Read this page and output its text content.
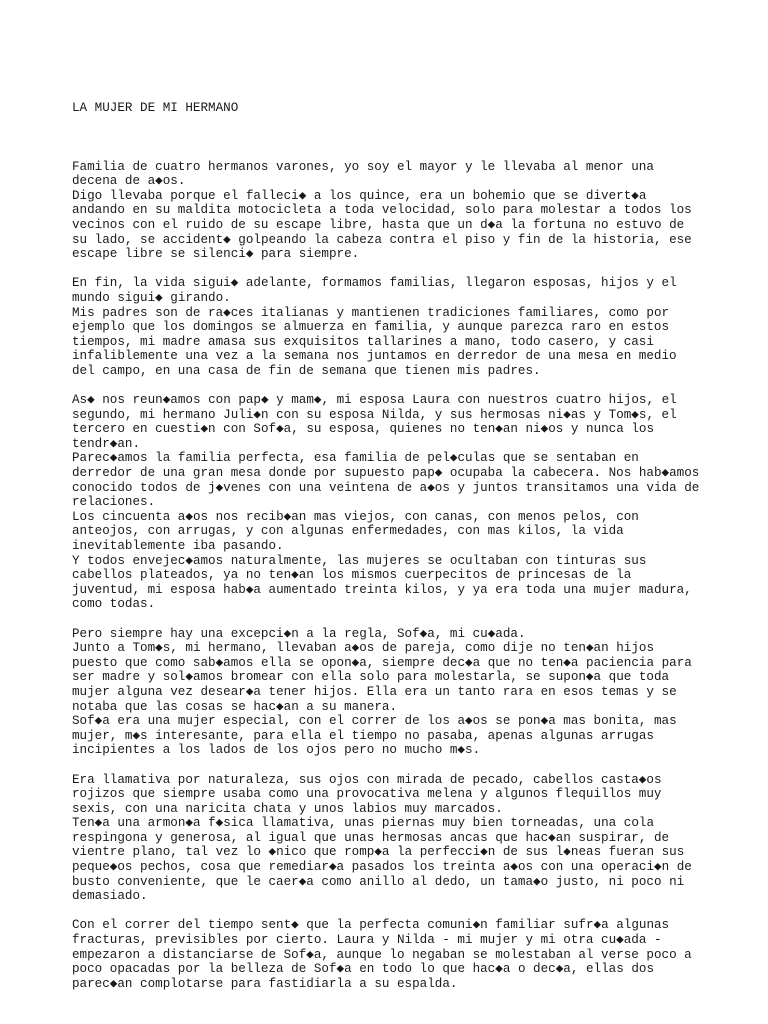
LA MUJER DE MI HERMANO

Familia de cuatro hermanos varones, yo soy el mayor y le llevaba al menor una
decena de a◆os.
Digo llevaba porque el falleci◆ a los quince, era un bohemio que se divert◆a
andando en su maldita motocicleta a toda velocidad, solo para molestar a todos los
vecinos con el ruido de su escape libre, hasta que un d◆a la fortuna no estuvo de
su lado, se accident◆ golpeando la cabeza contra el piso y fin de la historia, ese
escape libre se silenci◆ para siempre.
En fin, la vida sigui◆ adelante, formamos familias, llegaron esposas, hijos y el
mundo sigui◆ girando.
Mis padres son de ra◆ces italianas y mantienen tradiciones familiares, como por
ejemplo que los domingos se almuerza en familia, y aunque parezca raro en estos
tiempos, mi madre amasa sus exquisitos tallarines a mano, todo casero, y casi
infaliblemente una vez a la semana nos juntamos en derredor de una mesa en medio
del campo, en una casa de fin de semana que tienen mis padres.
As◆ nos reun◆amos con pap◆ y mam◆, mi esposa Laura con nuestros cuatro hijos, el
segundo, mi hermano Juli◆n con su esposa Nilda, y sus hermosas ni◆as y Tom◆s, el
tercero en cuesti◆n con Sof◆a, su esposa, quienes no ten◆an ni◆os y nunca los
tendr◆an.
Parec◆amos la familia perfecta, esa familia de pel◆culas que se sentaban en
derredor de una gran mesa donde por supuesto pap◆ ocupaba la cabecera. Nos hab◆amos
conocido todos de j◆venes con una veintena de a◆os y juntos transitamos una vida de
relaciones.
Los cincuenta a◆os nos recib◆an mas viejos, con canas, con menos pelos, con
anteojos, con arrugas, y con algunas enfermedades, con mas kilos, la vida
inevitablemente iba pasando.
Y todos envejec◆amos naturalmente, las mujeres se ocultaban con tinturas sus
cabellos plateados, ya no ten◆an los mismos cuerpecitos de princesas de la
juventud, mi esposa hab◆a aumentado treinta kilos, y ya era toda una mujer madura,
como todas.
Pero siempre hay una excepci◆n a la regla, Sof◆a, mi cu◆ada.
Junto a Tom◆s, mi hermano, llevaban a◆os de pareja, como dije no ten◆an hijos
puesto que como sab◆amos ella se opon◆a, siempre dec◆a que no ten◆a paciencia para
ser madre y sol◆amos bromear con ella solo para molestarla, se supon◆a que toda
mujer alguna vez desear◆a tener hijos. Ella era un tanto rara en esos temas y se
notaba que las cosas se hac◆an a su manera.
Sof◆a era una mujer especial, con el correr de los a◆os se pon◆a mas bonita, mas
mujer, m◆s interesante, para ella el tiempo no pasaba, apenas algunas arrugas
incipientes a los lados de los ojos pero no mucho m◆s.
Era llamativa por naturaleza, sus ojos con mirada de pecado, cabellos casta◆os
rojizos que siempre usaba como una provocativa melena y algunos flequillos muy
sexis, con una naricita chata y unos labios muy marcados.
Ten◆a una armon◆a f◆sica llamativa, unas piernas muy bien torneadas, una cola
respingona y generosa, al igual que unas hermosas ancas que hac◆an suspirar, de
vientre plano, tal vez lo ◆nico que romp◆a la perfecci◆n de sus l◆neas fueran sus
peque◆os pechos, cosa que remediar◆a pasados los treinta a◆os con una operaci◆n de
busto conveniente, que le caer◆a como anillo al dedo, un tama◆o justo, ni poco ni
demasiado.
Con el correr del tiempo sent◆ que la perfecta comuni◆n familiar sufr◆a algunas
fracturas, previsibles por cierto. Laura y Nilda - mi mujer y mi otra cu◆ada -
empezaron a distanciarse de Sof◆a, aunque lo negaban se molestaban al verse poco a
poco opacadas por la belleza de Sof◆a en todo lo que hac◆a o dec◆a, ellas dos
parec◆an complotarse para fastidiarla a su espalda.
